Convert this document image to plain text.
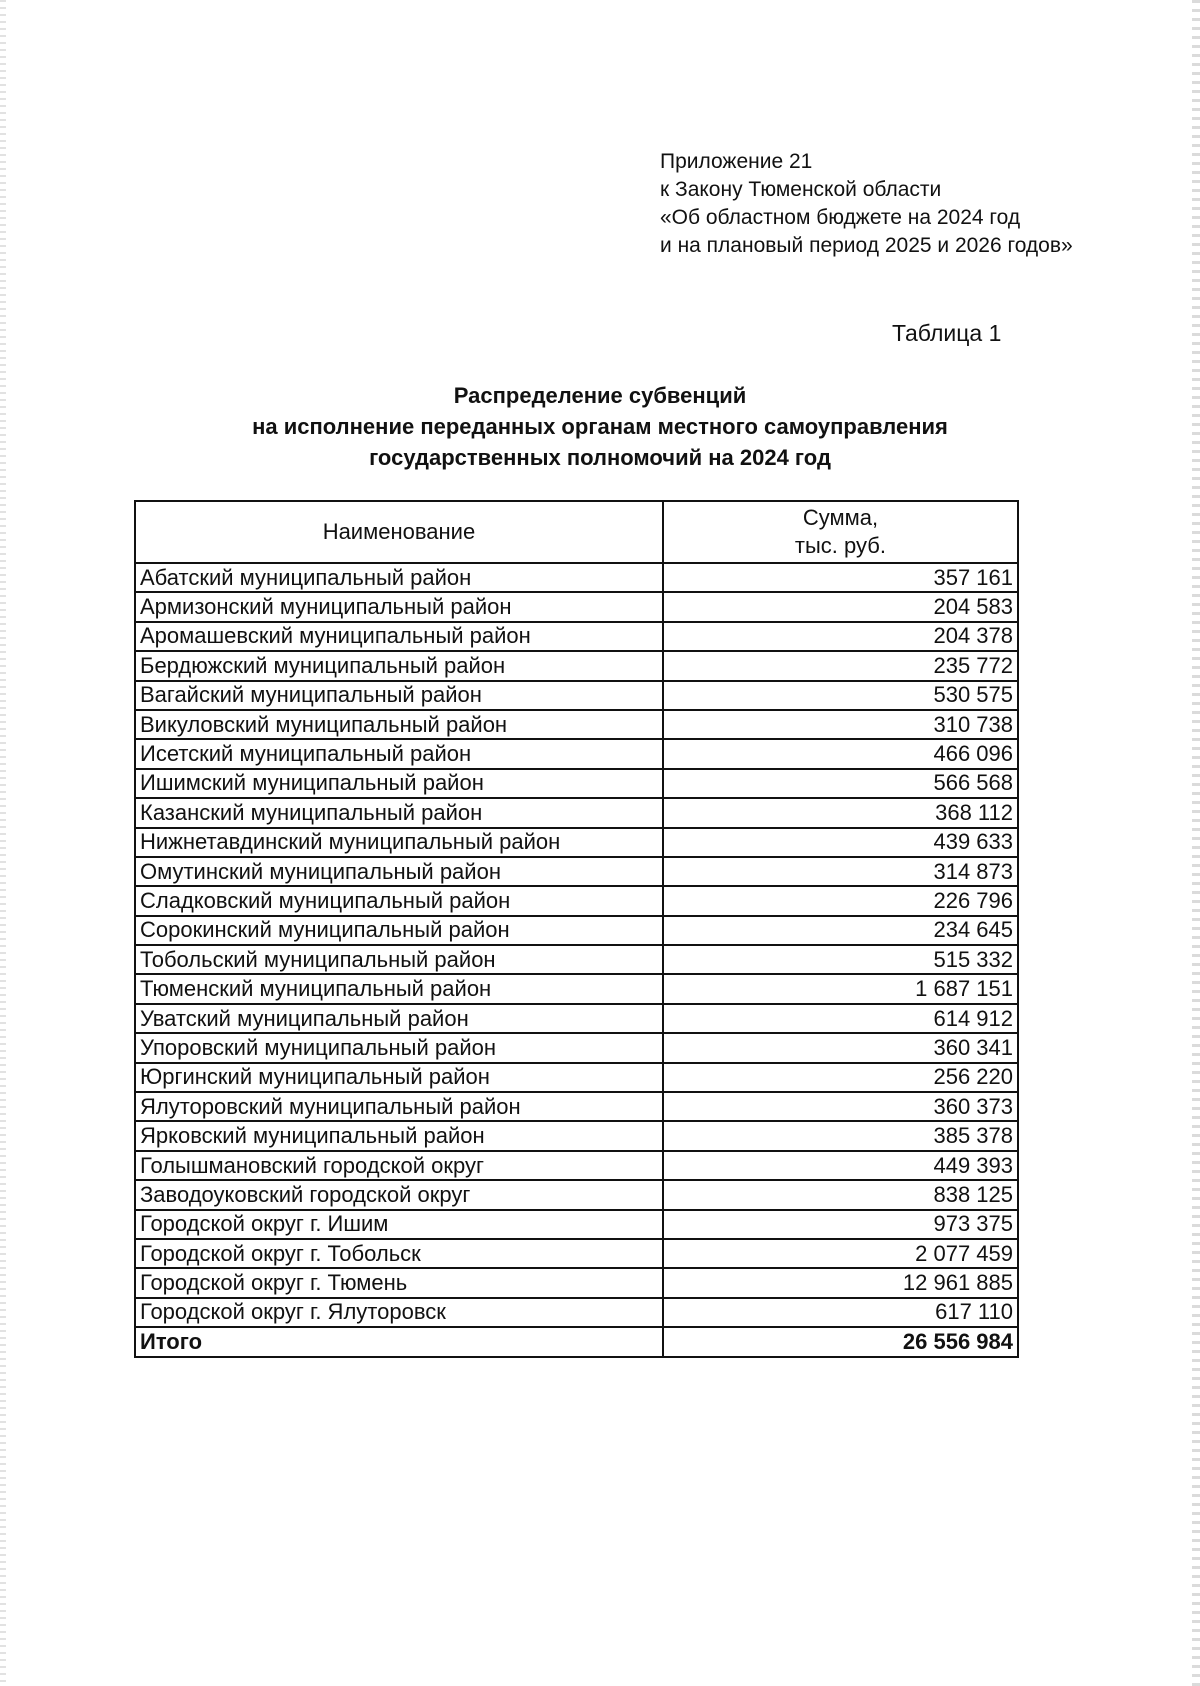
Приложение 21
к Закону Тюменской области
«Об областном бюджете на 2024 год
и на плановый период 2025 и 2026 годов»
Таблица 1
Распределение субвенций
на исполнение переданных органам местного самоуправления
государственных полномочий на 2024 год
Наименование	Сумма,
тыс. руб.

Абатский муниципальный район	357 161
Армизонский муниципальный район	204 583
Аромашевский муниципальный район	204 378
Бердюжский муниципальный район	235 772
Вагайский муниципальный район	530 575
Викуловский муниципальный район	310 738
Исетский муниципальный район	466 096
Ишимский муниципальный район	566 568
Казанский муниципальный район	368 112
Нижнетавдинский муниципальный район	439 633
Омутинский муниципальный район	314 873
Сладковский муниципальный район	226 796
Сорокинский муниципальный район	234 645
Тобольский муниципальный район	515 332
Тюменский муниципальный район	1 687 151
Уватский муниципальный район	614 912
Упоровский муниципальный район	360 341
Юргинский муниципальный район	256 220
Ялуторовский муниципальный район	360 373
Ярковский муниципальный район	385 378
Голышмановский городской округ	449 393
Заводоуковский городской округ	838 125
Городской округ г. Ишим	973 375
Городской округ г. Тобольск	2 077 459
Городской округ г. Тюмень	12 961 885
Городской округ г. Ялуторовск	617 110
Итого	26 556 984
